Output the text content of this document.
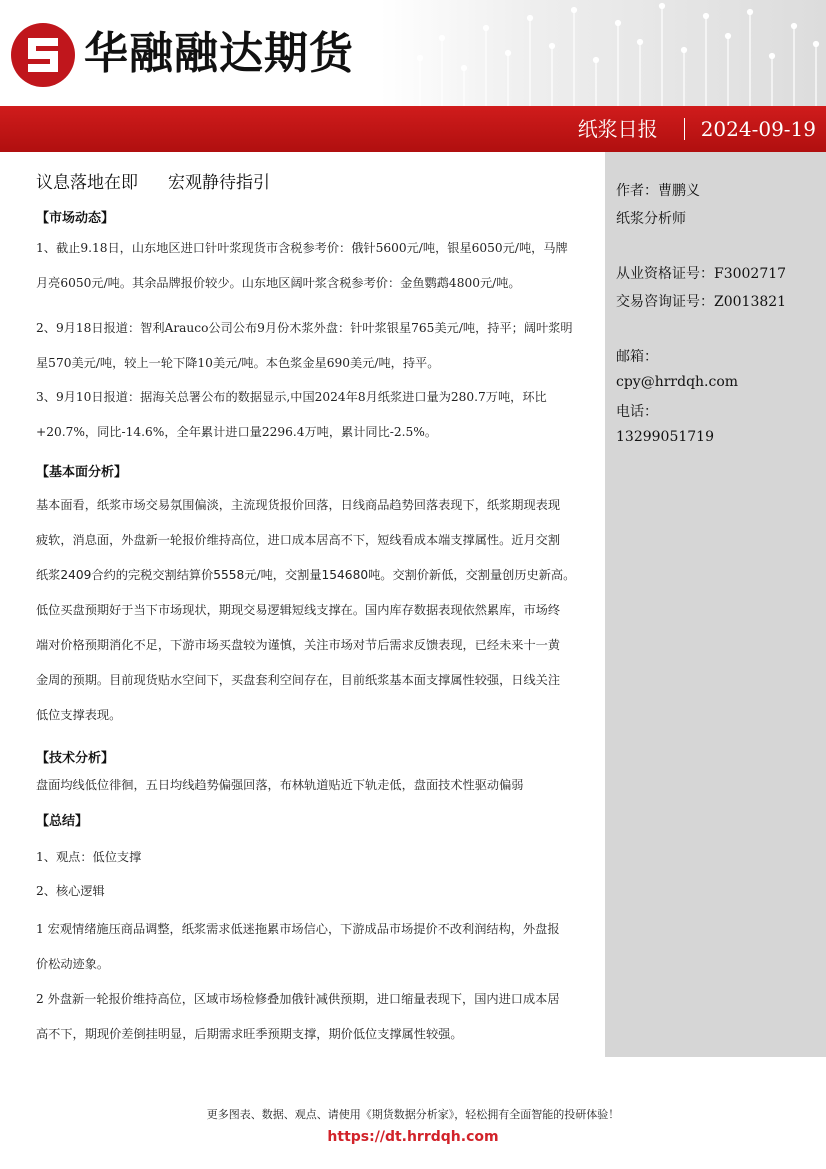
华融融达期货
纸浆日报 2024-09-19
作者：曹鹏义
纸浆分析师
从业资格证号：F3002717
交易咨询证号：Z0013821
邮箱：
cpy@hrrdqh.com
电话：
13299051719
议息落地在即 宏观静待指引
【市场动态】
1、截止9.18日，山东地区进口针叶浆现货市含税参考价：俄针5600元/吨，银星6050元/吨，马牌
月亮6050元/吨。其余品牌报价较少。山东地区阔叶浆含税参考价：金鱼鹦鹉4800元/吨。
2、9月18日报道：智利Arauco公司公布9月份木浆外盘：针叶浆银星765美元/吨，持平；阔叶浆明
星570美元/吨，较上一轮下降10美元/吨。本色浆金星690美元/吨，持平。
3、9月10日报道：据海关总署公布的数据显示,中国2024年8月纸浆进口量为280.7万吨，环比
+20.7%，同比-14.6%，全年累计进口量2296.4万吨，累计同比-2.5%。
【基本面分析】
基本面看，纸浆市场交易氛围偏淡，主流现货报价回落，日线商品趋势回落表现下，纸浆期现表现
疲软，消息面，外盘新一轮报价维持高位，进口成本居高不下，短线看成本端支撑属性。近月交割
纸浆2409合约的完税交割结算价5558元/吨，交割量154680吨。交割价新低，交割量创历史新高。
低位买盘预期好于当下市场现状，期现交易逻辑短线支撑在。国内库存数据表现依然累库，市场终
端对价格预期消化不足，下游市场买盘较为谨慎，关注市场对节后需求反馈表现，已经未来十一黄
金周的预期。目前现货贴水空间下，买盘套利空间存在，目前纸浆基本面支撑属性较强，日线关注
低位支撑表现。
【技术分析】
盘面均线低位徘徊，五日均线趋势偏强回落，布林轨道贴近下轨走低，盘面技术性驱动偏弱
【总结】
1、观点：低位支撑
2、核心逻辑
1 宏观情绪施压商品调整，纸浆需求低迷拖累市场信心，下游成品市场提价不改利润结构，外盘报
价松动迹象。
2 外盘新一轮报价维持高位，区域市场检修叠加俄针减供预期，进口缩量表现下，国内进口成本居
高不下，期现价差倒挂明显，后期需求旺季预期支撑，期价低位支撑属性较强。
更多图表、数据、观点、请使用《期货数据分析家》，轻松拥有全面智能的投研体验！
https://dt.hrrdqh.com
